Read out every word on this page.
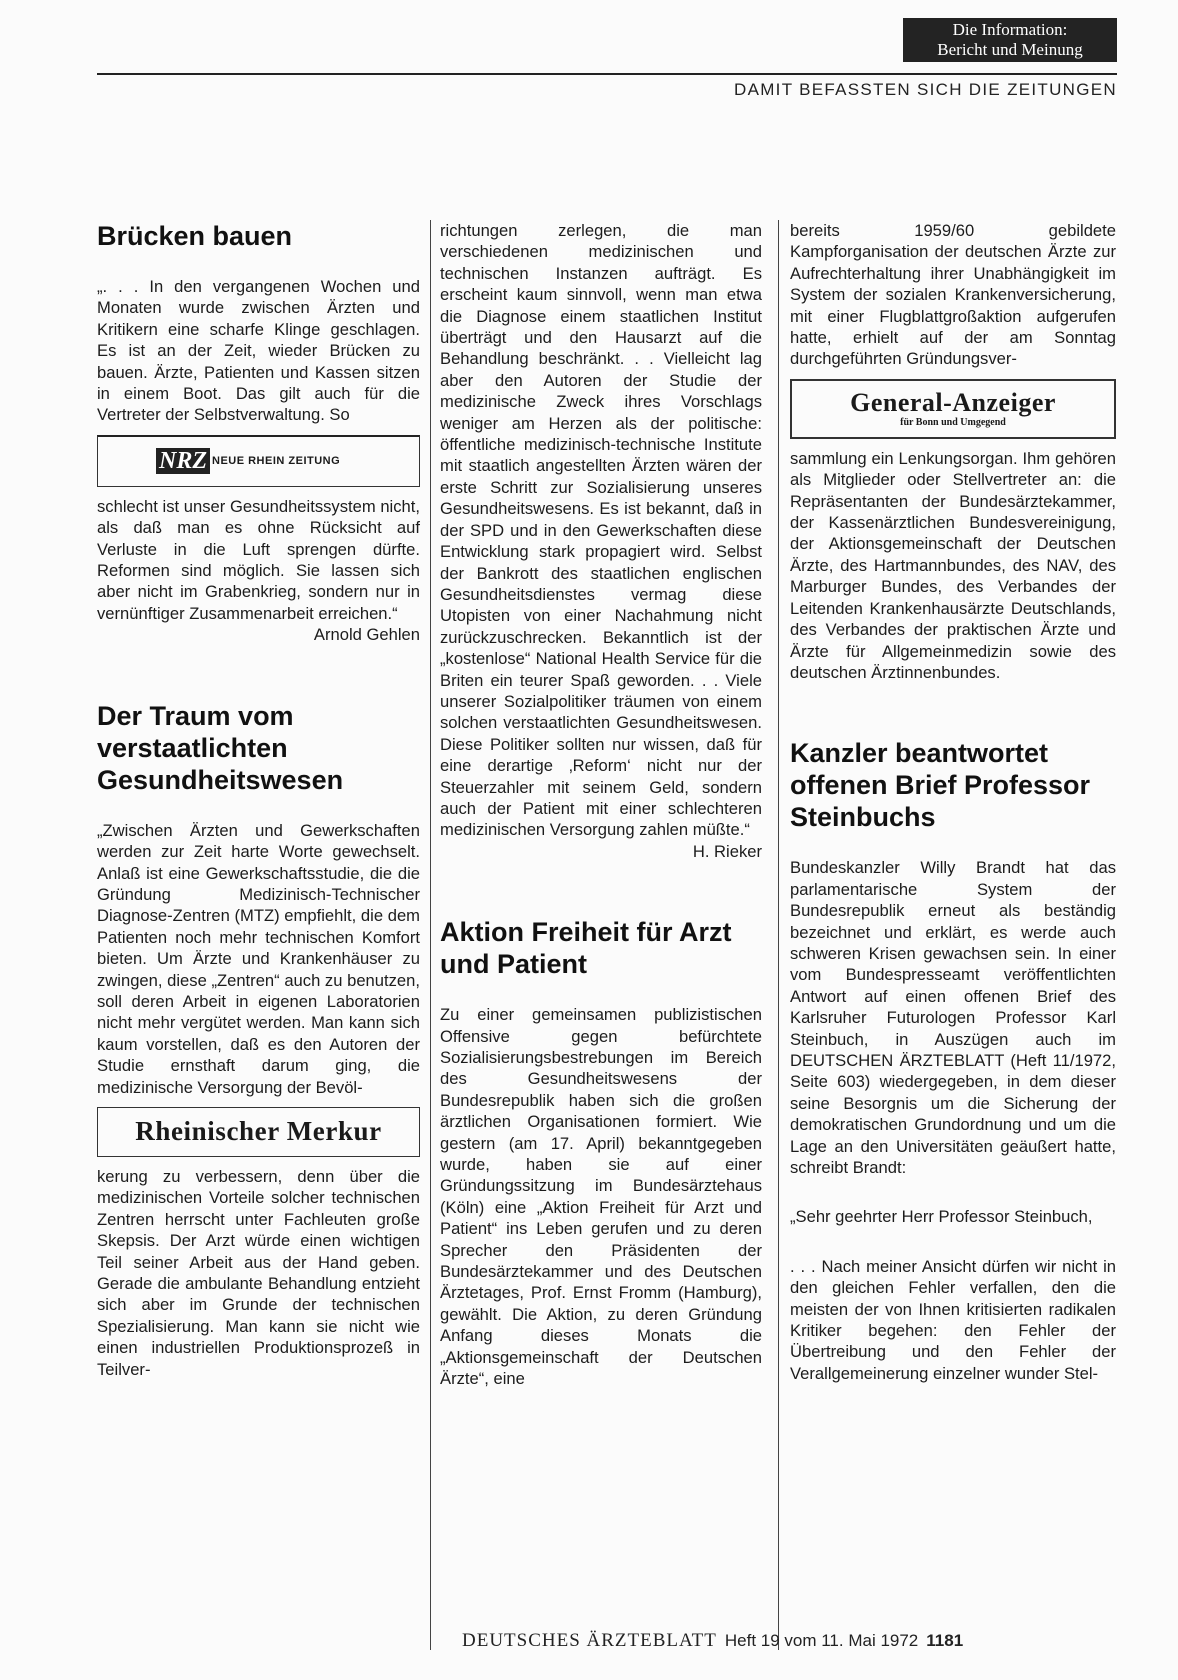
Die Information:
Bericht und Meinung
DAMIT BEFASSTEN SICH DIE ZEITUNGEN
Brücken bauen

„. . . In den vergangenen Wochen und Monaten wurde zwischen Ärzten und Kritikern eine scharfe Klinge geschlagen. Es ist an der Zeit, wieder Brücken zu bauen. Ärzte, Patienten und Kassen sitzen in einem Boot. Das gilt auch für die Vertreter der Selbstverwaltung. So

NRZ NEUE RHEIN ZEITUNG

schlecht ist unser Gesundheitssystem nicht, als daß man es ohne Rücksicht auf Verluste in die Luft sprengen dürfte. Reformen sind möglich. Sie lassen sich aber nicht im Grabenkrieg, sondern nur in vernünftiger Zusammenarbeit erreichen.“
Arnold Gehlen

Der Traum vom verstaatlichten Gesundheitswesen

„Zwischen Ärzten und Gewerkschaften werden zur Zeit harte Worte gewechselt. Anlaß ist eine Gewerkschaftsstudie, die die Gründung Medizinisch-Technischer Diagnose-Zentren (MTZ) empfiehlt, die dem Patienten noch mehr technischen Komfort bieten. Um Ärzte und Krankenhäuser zu zwingen, diese „Zentren“ auch zu benutzen, soll deren Arbeit in eigenen Laboratorien nicht mehr vergütet werden. Man kann sich kaum vorstellen, daß es den Autoren der Studie ernsthaft darum ging, die medizinische Versorgung der Bevöl-

Rheinischer Merkur

kerung zu verbessern, denn über die medizinischen Vorteile solcher technischen Zentren herrscht unter Fachleuten große Skepsis. Der Arzt würde einen wichtigen Teil seiner Arbeit aus der Hand geben. Gerade die ambulante Behandlung entzieht sich aber im Grunde der technischen Spezialisierung. Man kann sie nicht wie einen industriellen Produktionsprozeß in Teilver-

richtungen zerlegen, die man verschiedenen medizinischen und technischen Instanzen aufträgt. Es erscheint kaum sinnvoll, wenn man etwa die Diagnose einem staatlichen Institut überträgt und den Hausarzt auf die Behandlung beschränkt. . . Vielleicht lag aber den Autoren der Studie der medizinische Zweck ihres Vorschlags weniger am Herzen als der politische: öffentliche medizinisch-technische Institute mit staatlich angestellten Ärzten wären der erste Schritt zur Sozialisierung unseres Gesundheitswesens. Es ist bekannt, daß in der SPD und in den Gewerkschaften diese Entwicklung stark propagiert wird. Selbst der Bankrott des staatlichen englischen Gesundheitsdienstes vermag diese Utopisten von einer Nachahmung nicht zurückzuschrecken. Bekanntlich ist der „kostenlose“ National Health Service für die Briten ein teurer Spaß geworden. . . Viele unserer Sozialpolitiker träumen von einem solchen verstaatlichten Gesundheitswesen. Diese Politiker sollten nur wissen, daß für eine derartige ‚Reform‘ nicht nur der Steuerzahler mit seinem Geld, sondern auch der Patient mit einer schlechteren medizinischen Versorgung zahlen müßte.“
H. Rieker

Aktion Freiheit für Arzt und Patient

Zu einer gemeinsamen publizistischen Offensive gegen befürchtete Sozialisierungsbestrebungen im Bereich des Gesundheitswesens der Bundesrepublik haben sich die großen ärztlichen Organisationen formiert. Wie gestern (am 17. April) bekanntgegeben wurde, haben sie auf einer Gründungssitzung im Bundesärztehaus (Köln) eine „Aktion Freiheit für Arzt und Patient“ ins Leben gerufen und zu deren Sprecher den Präsidenten der Bundesärztekammer und des Deutschen Ärztetages, Prof. Ernst Fromm (Hamburg), gewählt. Die Aktion, zu deren Gründung Anfang dieses Monats die „Aktionsgemeinschaft der Deutschen Ärzte“, eine

bereits 1959/60 gebildete Kampforganisation der deutschen Ärzte zur Aufrechterhaltung ihrer Unabhängigkeit im System der sozialen Krankenversicherung, mit einer Flugblattgroßaktion aufgerufen hatte, erhielt auf der am Sonntag durchgeführten Gründungsver-

General-Anzeiger
für Bonn und Umgegend

sammlung ein Lenkungsorgan. Ihm gehören als Mitglieder oder Stellvertreter an: die Repräsentanten der Bundesärztekammer, der Kassenärztlichen Bundesvereinigung, der Aktionsgemeinschaft der Deutschen Ärzte, des Hartmannbundes, des NAV, des Marburger Bundes, des Verbandes der Leitenden Krankenhausärzte Deutschlands, des Verbandes der praktischen Ärzte und Ärzte für Allgemeinmedizin sowie des deutschen Ärztinnenbundes.

Kanzler beantwortet offenen Brief Professor Steinbuchs

Bundeskanzler Willy Brandt hat das parlamentarische System der Bundesrepublik erneut als beständig bezeichnet und erklärt, es werde auch schweren Krisen gewachsen sein. In einer vom Bundespresseamt veröffentlichten Antwort auf einen offenen Brief des Karlsruher Futurologen Professor Karl Steinbuch, in Auszügen auch im DEUTSCHEN ÄRZTEBLATT (Heft 11/1972, Seite 603) wiedergegeben, in dem dieser seine Besorgnis um die Sicherung der demokratischen Grundordnung und um die Lage an den Universitäten geäußert hatte, schreibt Brandt:

„Sehr geehrter Herr Professor Steinbuch,

. . . Nach meiner Ansicht dürfen wir nicht in den gleichen Fehler verfallen, den die meisten der von Ihnen kritisierten radikalen Kritiker begehen: den Fehler der Übertreibung und den Fehler der Verallgemeinerung einzelner wunder Stel-

DEUTSCHES ÄRZTEBLATT Heft 19 vom 11. Mai 1972 1181
